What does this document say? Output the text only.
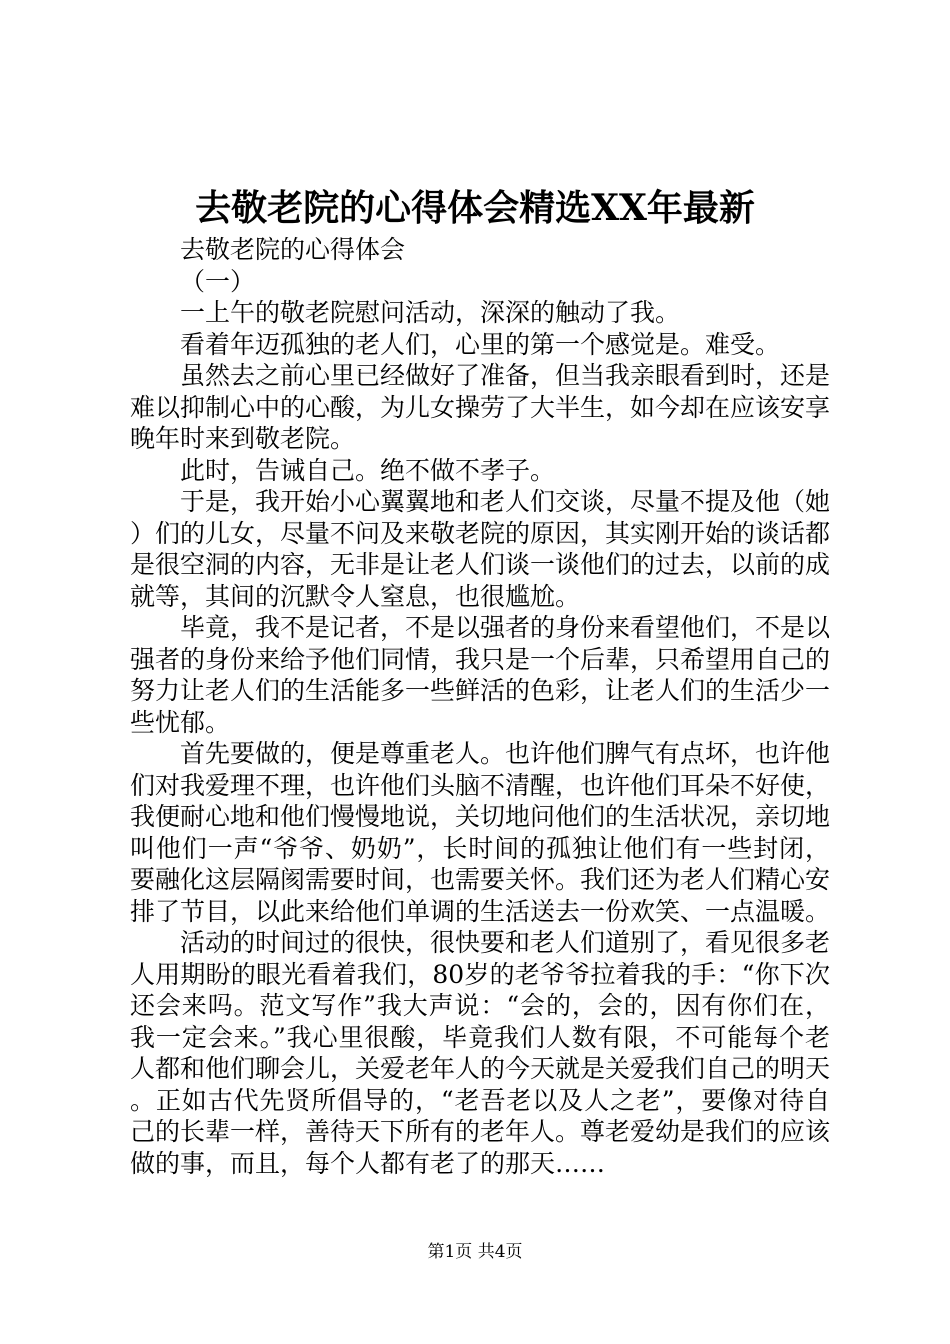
去敬老院的心得体会精选XX年最新

去敬老院的心得体会

（一）

一上午的敬老院慰问活动，深深的触动了我。

看着年迈孤独的老人们，心里的第一个感觉是。难受。

虽然去之前心里已经做好了准备，但当我亲眼看到时，还是难以抑制心中的心酸，为儿女操劳了大半生，如今却在应该安享晚年时来到敬老院。

此时，告诫自己。绝不做不孝子。

于是，我开始小心翼翼地和老人们交谈，尽量不提及他（她）们的儿女，尽量不问及来敬老院的原因，其实刚开始的谈话都是很空洞的内容，无非是让老人们谈一谈他们的过去，以前的成就等，其间的沉默令人窒息，也很尴尬。

毕竟，我不是记者，不是以强者的身份来看望他们，不是以强者的身份来给予他们同情，我只是一个后辈，只希望用自己的努力让老人们的生活能多一些鲜活的色彩，让老人们的生活少一些忧郁。

首先要做的，便是尊重老人。也许他们脾气有点坏，也许他们对我爱理不理，也许他们头脑不清醒，也许他们耳朵不好使，我便耐心地和他们慢慢地说，关切地问他们的生活状况，亲切地叫他们一声“爷爷、奶奶”，长时间的孤独让他们有一些封闭，要融化这层隔阂需要时间，也需要关怀。我们还为老人们精心安排了节目，以此来给他们单调的生活送去一份欢笑、一点温暖。

活动的时间过的很快，很快要和老人们道别了，看见很多老人用期盼的眼光看着我们，80岁的老爷爷拉着我的手：“你下次还会来吗。范文写作”我大声说：“会的，会的，因有你们在，我一定会来。”我心里很酸，毕竟我们人数有限，不可能每个老人都和他们聊会儿，关爱老年人的今天就是关爱我们自己的明天。正如古代先贤所倡导的，“老吾老以及人之老”，要像对待自己的长辈一样，善待天下所有的老年人。尊老爱幼是我们的应该做的事，而且，每个人都有老了的那天……

第1页 共4页
